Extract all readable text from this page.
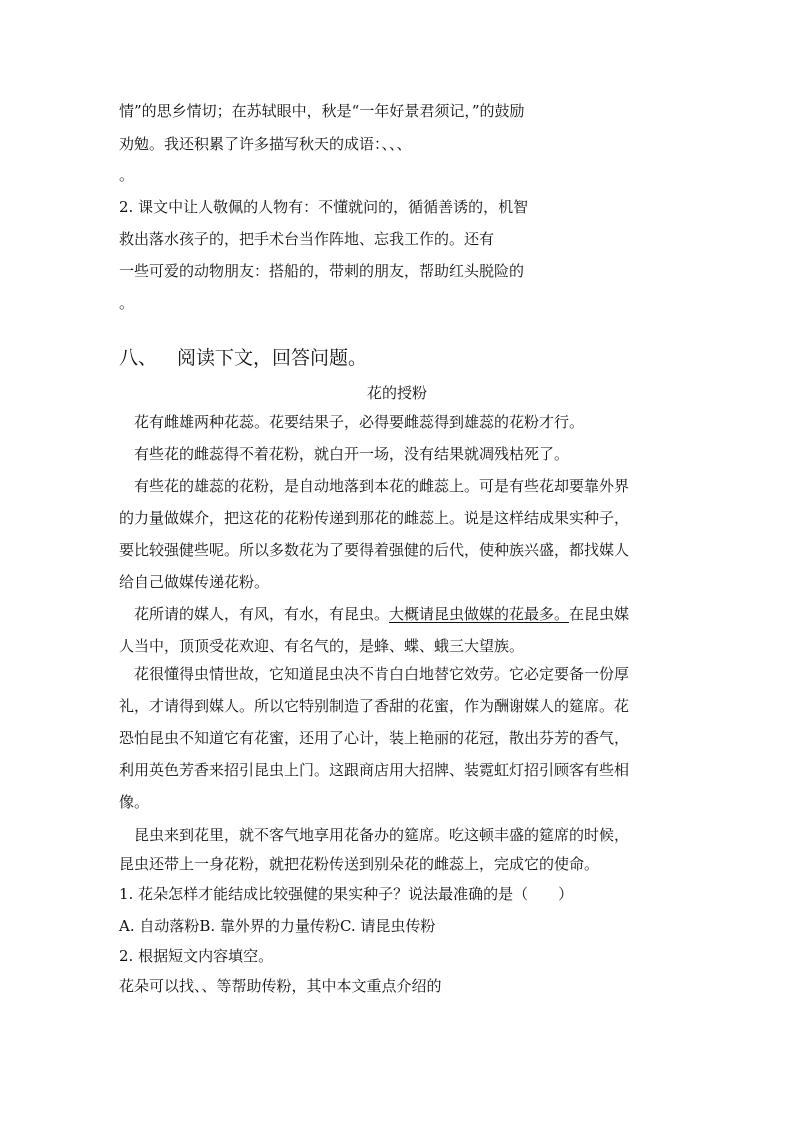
情”的思乡情切；在苏轼眼中，秋是“一年好景君须记，”的鼓励
劝勉。我还积累了许多描写秋天的成语：、、、
。
2. 课文中让人敬佩的人物有：不懂就问的，循循善诱的，机智
救出落水孩子的，把手术台当作阵地、忘我工作的。还有
一些可爱的动物朋友：搭船的，带刺的朋友，帮助红头脱险的
。
八、 阅读下文，回答问题。
花的授粉
花有雌雄两种花蕊。花要结果子，必得要雌蕊得到雄蕊的花粉才行。
有些花的雌蕊得不着花粉，就白开一场，没有结果就凋残枯死了。
有些花的雄蕊的花粉，是自动地落到本花的雌蕊上。可是有些花却要靠外界
的力量做媒介，把这花的花粉传递到那花的雌蕊上。说是这样结成果实种子，
要比较强健些呢。所以多数花为了要得着强健的后代，使种族兴盛，都找媒人
给自己做媒传递花粉。
花所请的媒人，有风，有水，有昆虫。大概请昆虫做媒的花最多。在昆虫媒
人当中，顶顶受花欢迎、有名气的，是蜂、蝶、蛾三大望族。
花很懂得虫情世故，它知道昆虫决不肯白白地替它效劳。它必定要备一份厚
礼，才请得到媒人。所以它特别制造了香甜的花蜜，作为酬谢媒人的筵席。花
恐怕昆虫不知道它有花蜜，还用了心计，装上艳丽的花冠，散出芬芳的香气，
利用英色芳香来招引昆虫上门。这跟商店用大招牌、装霓虹灯招引顾客有些相
像。
昆虫来到花里，就不客气地享用花备办的筵席。吃这顿丰盛的筵席的时候，
昆虫还带上一身花粉，就把花粉传送到别朵花的雌蕊上，完成它的使命。
1. 花朵怎样才能结成比较强健的果实种子？说法最准确的是（　　）
A. 自动落粉B. 靠外界的力量传粉C. 请昆虫传粉
2. 根据短文内容填空。
花朵可以找、、等帮助传粉，其中本文重点介绍的
